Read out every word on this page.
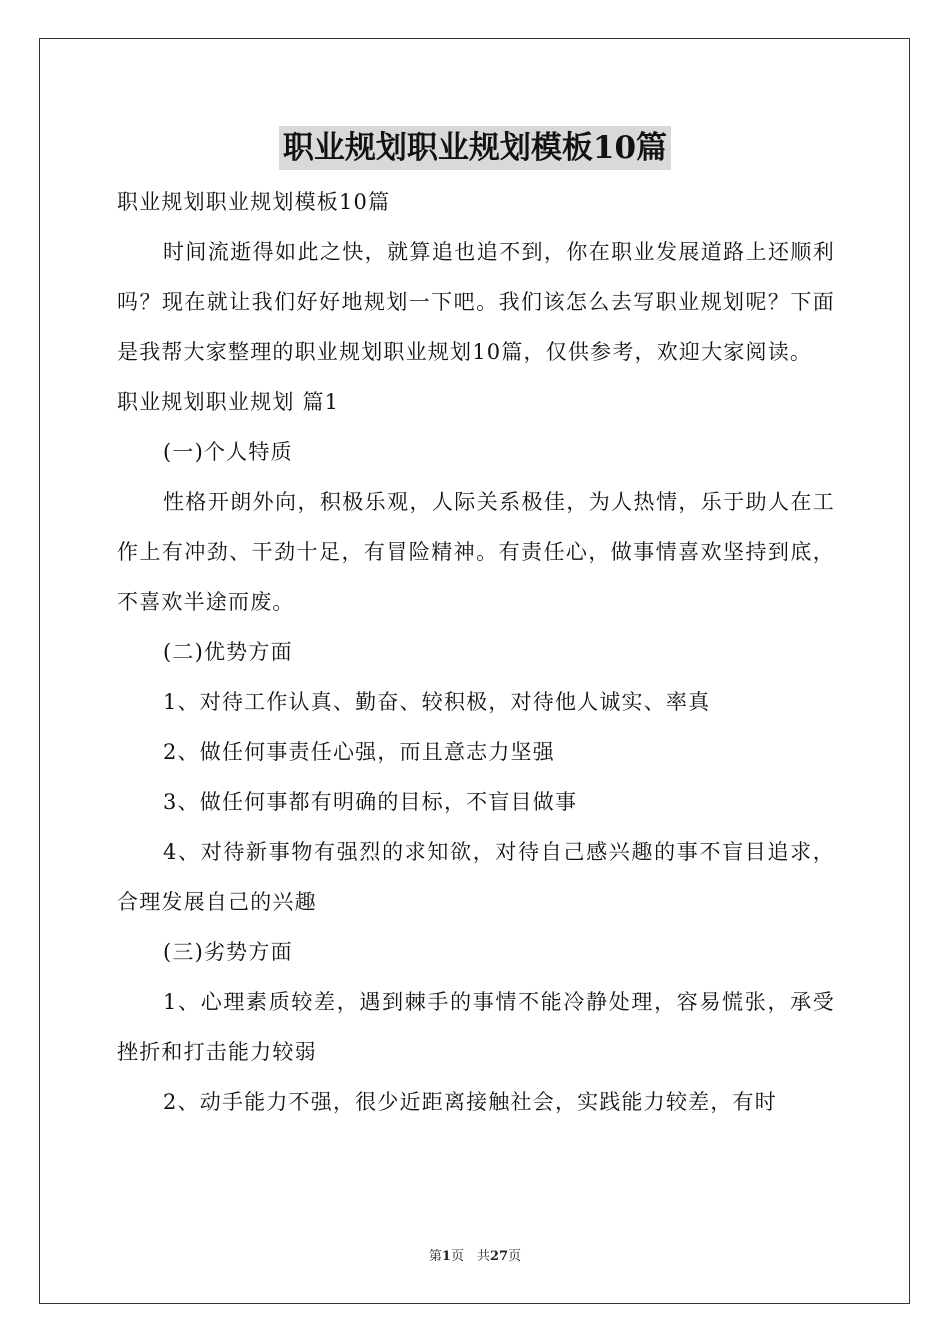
职业规划职业规划模板10篇

职业规划职业规划模板10篇

时间流逝得如此之快，就算追也追不到，你在职业发展道路上还顺利吗？现在就让我们好好地规划一下吧。我们该怎么去写职业规划呢？下面是我帮大家整理的职业规划职业规划10篇，仅供参考，欢迎大家阅读。

职业规划职业规划 篇1

(一)个人特质

性格开朗外向，积极乐观，人际关系极佳，为人热情，乐于助人在工作上有冲劲、干劲十足，有冒险精神。有责任心，做事情喜欢坚持到底，不喜欢半途而废。

(二)优势方面

1、对待工作认真、勤奋、较积极，对待他人诚实、率真

2、做任何事责任心强，而且意志力坚强

3、做任何事都有明确的目标，不盲目做事

4、对待新事物有强烈的求知欲，对待自己感兴趣的事不盲目追求，合理发展自己的兴趣

(三)劣势方面

1、心理素质较差，遇到棘手的事情不能冷静处理，容易慌张，承受挫折和打击能力较弱

2、动手能力不强，很少近距离接触社会，实践能力较差，有时

第1页　共27页
